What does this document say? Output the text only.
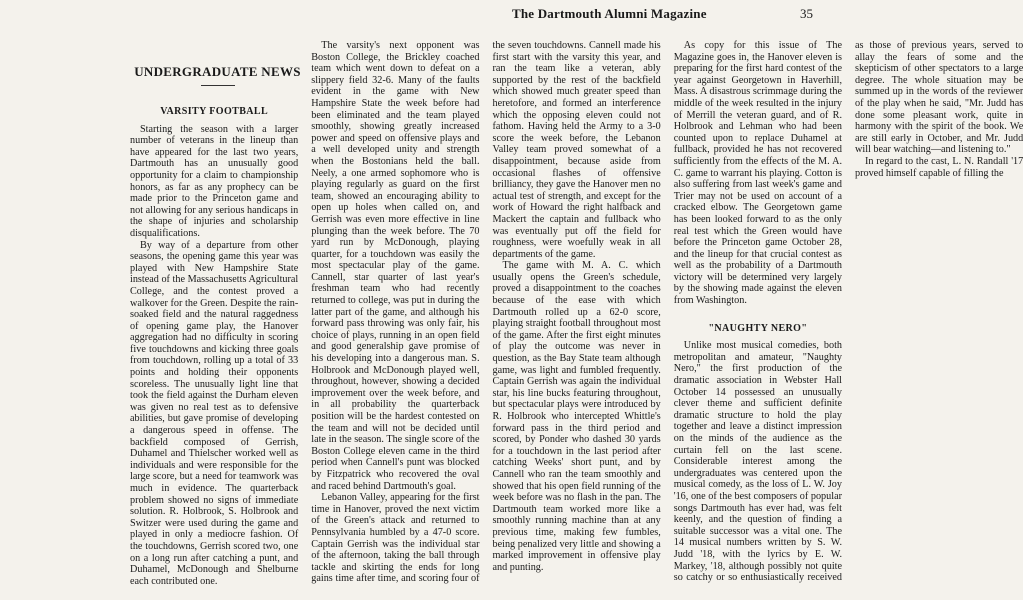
The Dartmouth Alumni Magazine	35
UNDERGRADUATE NEWS
VARSITY FOOTBALL

Starting the season with a larger number of veterans in the lineup than have appeared for the last two years, Dartmouth has an unusually good opportunity for a claim to championship honors, as far as any prophecy can be made prior to the Princeton game and not allowing for any serious handicaps in the shape of injuries and scholarship disqualifications.

By way of a departure from other seasons, the opening game this year was played with New Hampshire State instead of the Massachusetts Agricultural College, and the contest proved a walkover for the Green. Despite the rain-soaked field and the natural raggedness of opening game play, the Hanover aggregation had no difficulty in scoring five touchdowns and kicking three goals from touchdown, rolling up a total of 33 points and holding their opponents scoreless. The unusually light line that took the field against the Durham eleven was given no real test as to defensive abilities, but gave promise of developing a dangerous speed in offense. The backfield composed of Gerrish, Duhamel and Thielscher worked well as individuals and were responsible for the large score, but a need for teamwork was much in evidence. The quarterback problem showed no signs of immediate solution. R. Holbrook, S. Holbrook and Switzer were used during the game and played in only a mediocre fashion. Of the touchdowns, Gerrish scored two, one on a long run after catching a punt, and Duhamel, McDonough and Shelburne each contributed one.

The varsity's next opponent was Boston College, the Brickley coached team which went down to defeat on a slippery field 32-6. Many of the faults evident in the game with New Hampshire State the week before had been eliminated and the team played smoothly, showing greatly increased power and speed on offensive plays and a well developed unity and strength when the Bostonians held the ball. Neely, a one armed sophomore who is playing regularly as guard on the first team, showed an encouraging ability to open up holes when called on, and Gerrish was even more effective in line plunging than the week before. The 70 yard run by McDonough, playing quarter, for a touchdown was easily the most spectacular play of the game. Cannell, star quarter of last year's freshman team who had recently returned to college, was put in during the latter part of the game, and although his forward pass throwing was only fair, his choice of plays, running in an open field and good generalship gave promise of his developing into a dangerous man. S. Holbrook and McDonough played well, throughout, however, showing a decided improvement over the week before, and in all probability the quarterback position will be the hardest contested on the team and will not be decided until late in the season. The single score of the Boston College eleven came in the third period when Cannell's punt was blocked by Fitzpatrick who recovered the oval and raced behind Dartmouth's goal.

Lebanon Valley, appearing for the first time in Hanover, proved the next victim of the Green's attack and returned to Pennsylvania humbled by a 47-0 score. Captain Gerrish was the individual star of the afternoon, taking the ball through tackle and skirting the ends for long gains time after time, and scoring four of the seven touchdowns. Cannell made his first start with the varsity this year, and ran the team like a veteran, ably supported by the rest of the backfield which showed much greater speed than heretofore, and formed an interference which the opposing eleven could not fathom. Having held the Army to a 3-0 score the week before, the Lebanon Valley team proved somewhat of a disappointment, because aside from occasional flashes of offensive brilliancy, they gave the Hanover men no actual test of strength, and except for the work of Howard the right halfback and Mackert the captain and fullback who was eventually put off the field for roughness, were woefully weak in all departments of the game.

The game with M. A. C. which usually opens the Green's schedule, proved a disappointment to the coaches because of the ease with which Dartmouth rolled up a 62-0 score, playing straight football throughout most of the game. After the first eight minutes of play the outcome was never in question, as the Bay State team although game, was light and fumbled frequently. Captain Gerrish was again the individual star, his line bucks featuring throughout, but spectacular plays were introduced by R. Holbrook who intercepted Whittle's forward pass in the third period and scored, by Ponder who dashed 30 yards for a touchdown in the last period after catching Weeks' short punt, and by Cannell who ran the team smoothly and showed that his open field running of the week before was no flash in the pan. The Dartmouth team worked more like a smoothly running machine than at any previous time, making few fumbles, being penalized very little and showing a marked improvement in offensive play and punting.

As copy for this issue of The Magazine goes in, the Hanover eleven is preparing for the first hard contest of the year against Georgetown in Haverhill, Mass. A disastrous scrimmage during the middle of the week resulted in the injury of Merrill the veteran guard, and of R. Holbrook and Lehman who had been counted upon to replace Duhamel at fullback, provided he has not recovered sufficiently from the effects of the M. A. C. game to warrant his playing. Cotton is also suffering from last week's game and Trier may not be used on account of a cracked elbow. The Georgetown game has been looked forward to as the only real test which the Green would have before the Princeton game October 28, and the lineup for that crucial contest as well as the probability of a Dartmouth victory will be determined very largely by the showing made against the eleven from Washington.

"NAUGHTY NERO"

Unlike most musical comedies, both metropolitan and amateur, "Naughty Nero," the first production of the dramatic association in Webster Hall October 14 possessed an unusually clever theme and sufficient definite dramatic structure to hold the play together and leave a distinct impression on the minds of the audience as the curtain fell on the last scene. Considerable interest among the undergraduates was centered upon the musical comedy, as the loss of L. W. Joy '16, one of the best composers of popular songs Dartmouth has ever had, was felt keenly, and the question of finding a suitable successor was a vital one. The 14 musical numbers written by S. W. Judd '18, with the lyrics by E. W. Markey, '18, although possibly not quite so catchy or so enthusiastically received as those of previous years, served to allay the fears of some and the skepticism of other spectators to a large degree. The whole situation may be summed up in the words of the reviewer of the play when he said, "Mr. Judd has done some pleasant work, quite in harmony with the spirit of the book. We are still early in October, and Mr. Judd will bear watching—and listening to."

In regard to the cast, L. N. Randall '17 proved himself capable of filling the
